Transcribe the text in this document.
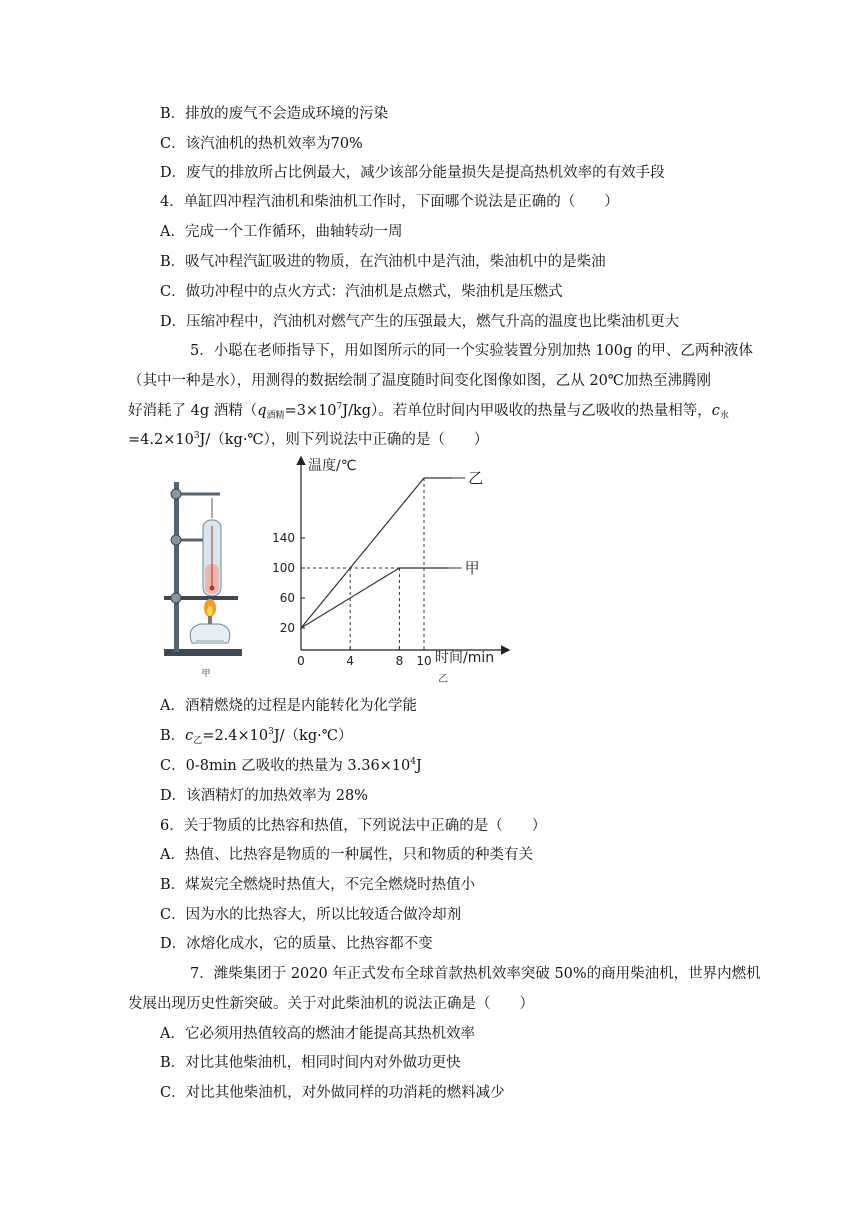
B．排放的废气不会造成环境的污染
C．该汽油机的热机效率为70%
D．废气的排放所占比例最大，减少该部分能量损失是提高热机效率的有效手段
4．单缸四冲程汽油机和柴油机工作时，下面哪个说法是正确的（　　）
A．完成一个工作循环，曲轴转动一周
B．吸气冲程汽缸吸进的物质，在汽油机中是汽油，柴油机中的是柴油
C．做功冲程中的点火方式：汽油机是点燃式，柴油机是压燃式
D．压缩冲程中，汽油机对燃气产生的压强最大，燃气升高的温度也比柴油机更大
5．小聪在老师指导下，用如图所示的同一个实验装置分别加热 100g 的甲、乙两种液体
（其中一种是水），用测得的数据绘制了温度随时间变化图像如图，乙从 20℃加热至沸腾刚
好消耗了 4g 酒精$(q_{酒精}=3\times 10^7J/kg)$。若单位时间内甲吸收的热量与乙吸收的热量相等，$c_水$
$=4.2\times 10^3J/(kg\cdot℃)$，则下列说法中正确的是（　　）
甲
温度/℃
时间/min
乙
20
60
100
140
0	4	8 10
甲
乙
A．酒精燃烧的过程是内能转化为化学能
B．$c_乙=2.4\times 10^3J/(kg\cdot℃)$
C．0-8min 乙吸收的热量为 $3.36\times 10^4J$
D．该酒精灯的加热效率为 28%
6．关于物质的比热容和热值，下列说法中正确的是（　　）
A．热值、比热容是物质的一种属性，只和物质的种类有关
B．煤炭完全燃烧时热值大，不完全燃烧时热值小
C．因为水的比热容大，所以比较适合做冷却剂
D．冰熔化成水，它的质量、比热容都不变
7．潍柴集团于 2020 年正式发布全球首款热机效率突破 50%的商用柴油机，世界内燃机
发展出现历史性新突破。关于对此柴油机的说法正确是（　　）
A．它必须用热值较高的燃油才能提高其热机效率
B．对比其他柴油机，相同时间内对外做功更快
C．对比其他柴油机，对外做同样的功消耗的燃料减少
